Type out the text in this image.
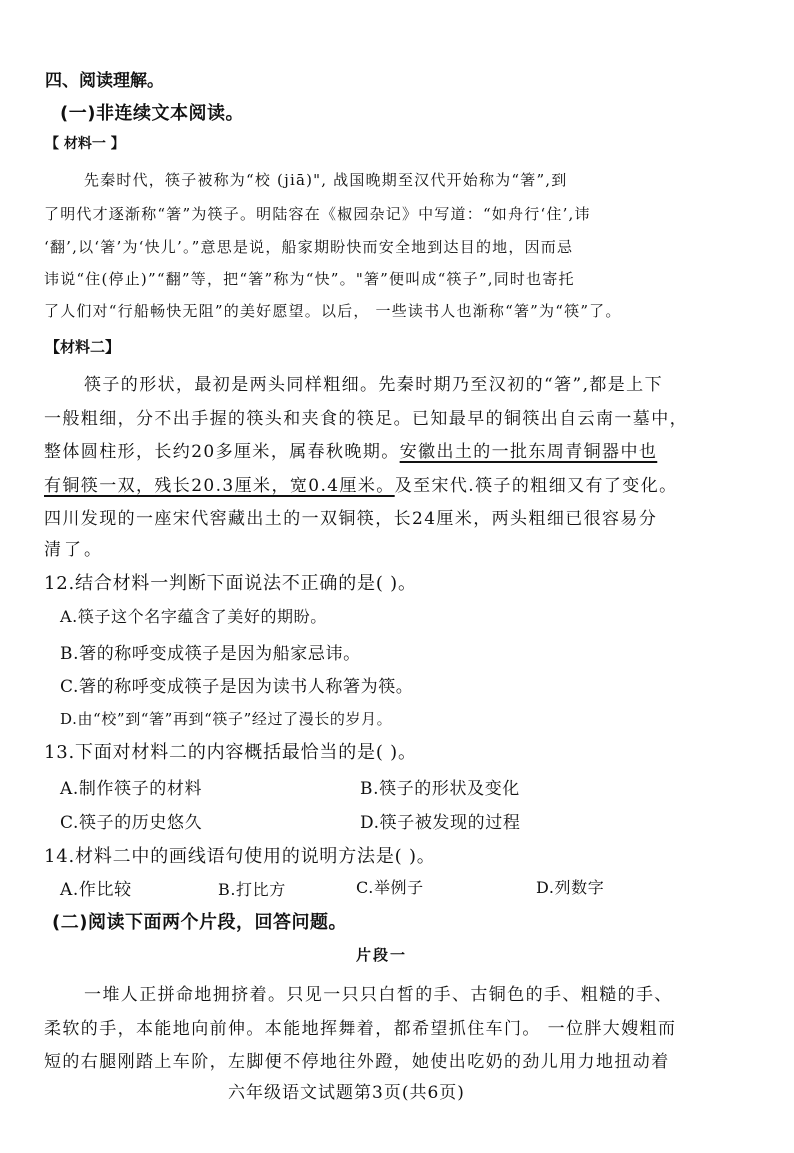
四、阅读理解。
(一)非连续文本阅读。
【 材料一 】
先秦时代，筷子被称为“校 (jiā)", 战国晚期至汉代开始称为“箸”,到
了明代才逐渐称“箸”为筷子。明陆容在《椒园杂记》中写道：“如舟行‘住’,讳
‘翻’,以‘箸’为‘快儿’。”意思是说，船家期盼快而安全地到达目的地，因而忌
讳说“住(停止)”“翻”等，把“箸”称为“快”。"箸”便叫成“筷子”,同时也寄托
了人们对“行船畅快无阻”的美好愿望。以后， 一些读书人也渐称“箸”为“筷”了。
【材料二】
筷子的形状，最初是两头同样粗细。先秦时期乃至汉初的“箸”,都是上下
一般粗细，分不出手握的筷头和夹食的筷足。已知最早的铜筷出自云南一墓中，
整体圆柱形，长约20多厘米，属春秋晚期。安徽出土的一批东周青铜器中也
有铜筷一双，残长20.3厘米，宽0.4厘米。及至宋代.筷子的粗细又有了变化。
四川发现的一座宋代窖藏出土的一双铜筷，长24厘米，两头粗细已很容易分
清了。
12.结合材料一判断下面说法不正确的是( )。
A.筷子这个名字蕴含了美好的期盼。
B.箸的称呼变成筷子是因为船家忌讳。
C.箸的称呼变成筷子是因为读书人称箸为筷。
D.由“校”到“箸”再到“筷子”经过了漫长的岁月。
13.下面对材料二的内容概括最恰当的是( )。
A.制作筷子的材料	B.筷子的形状及变化
C.筷子的历史悠久	D.筷子被发现的过程
14.材料二中的画线语句使用的说明方法是( )。
A.作比较	B.打比方	C.举例子	D.列数字
(二)阅读下面两个片段，回答问题。
片段一
一堆人正拼命地拥挤着。只见一只只白皙的手、古铜色的手、粗糙的手、
柔软的手，本能地向前伸。本能地挥舞着，都希望抓住车门。 一位胖大嫂粗而
短的右腿刚踏上车阶，左脚便不停地往外蹬，她使出吃奶的劲儿用力地扭动着
六年级语文试题第3页(共6页)
